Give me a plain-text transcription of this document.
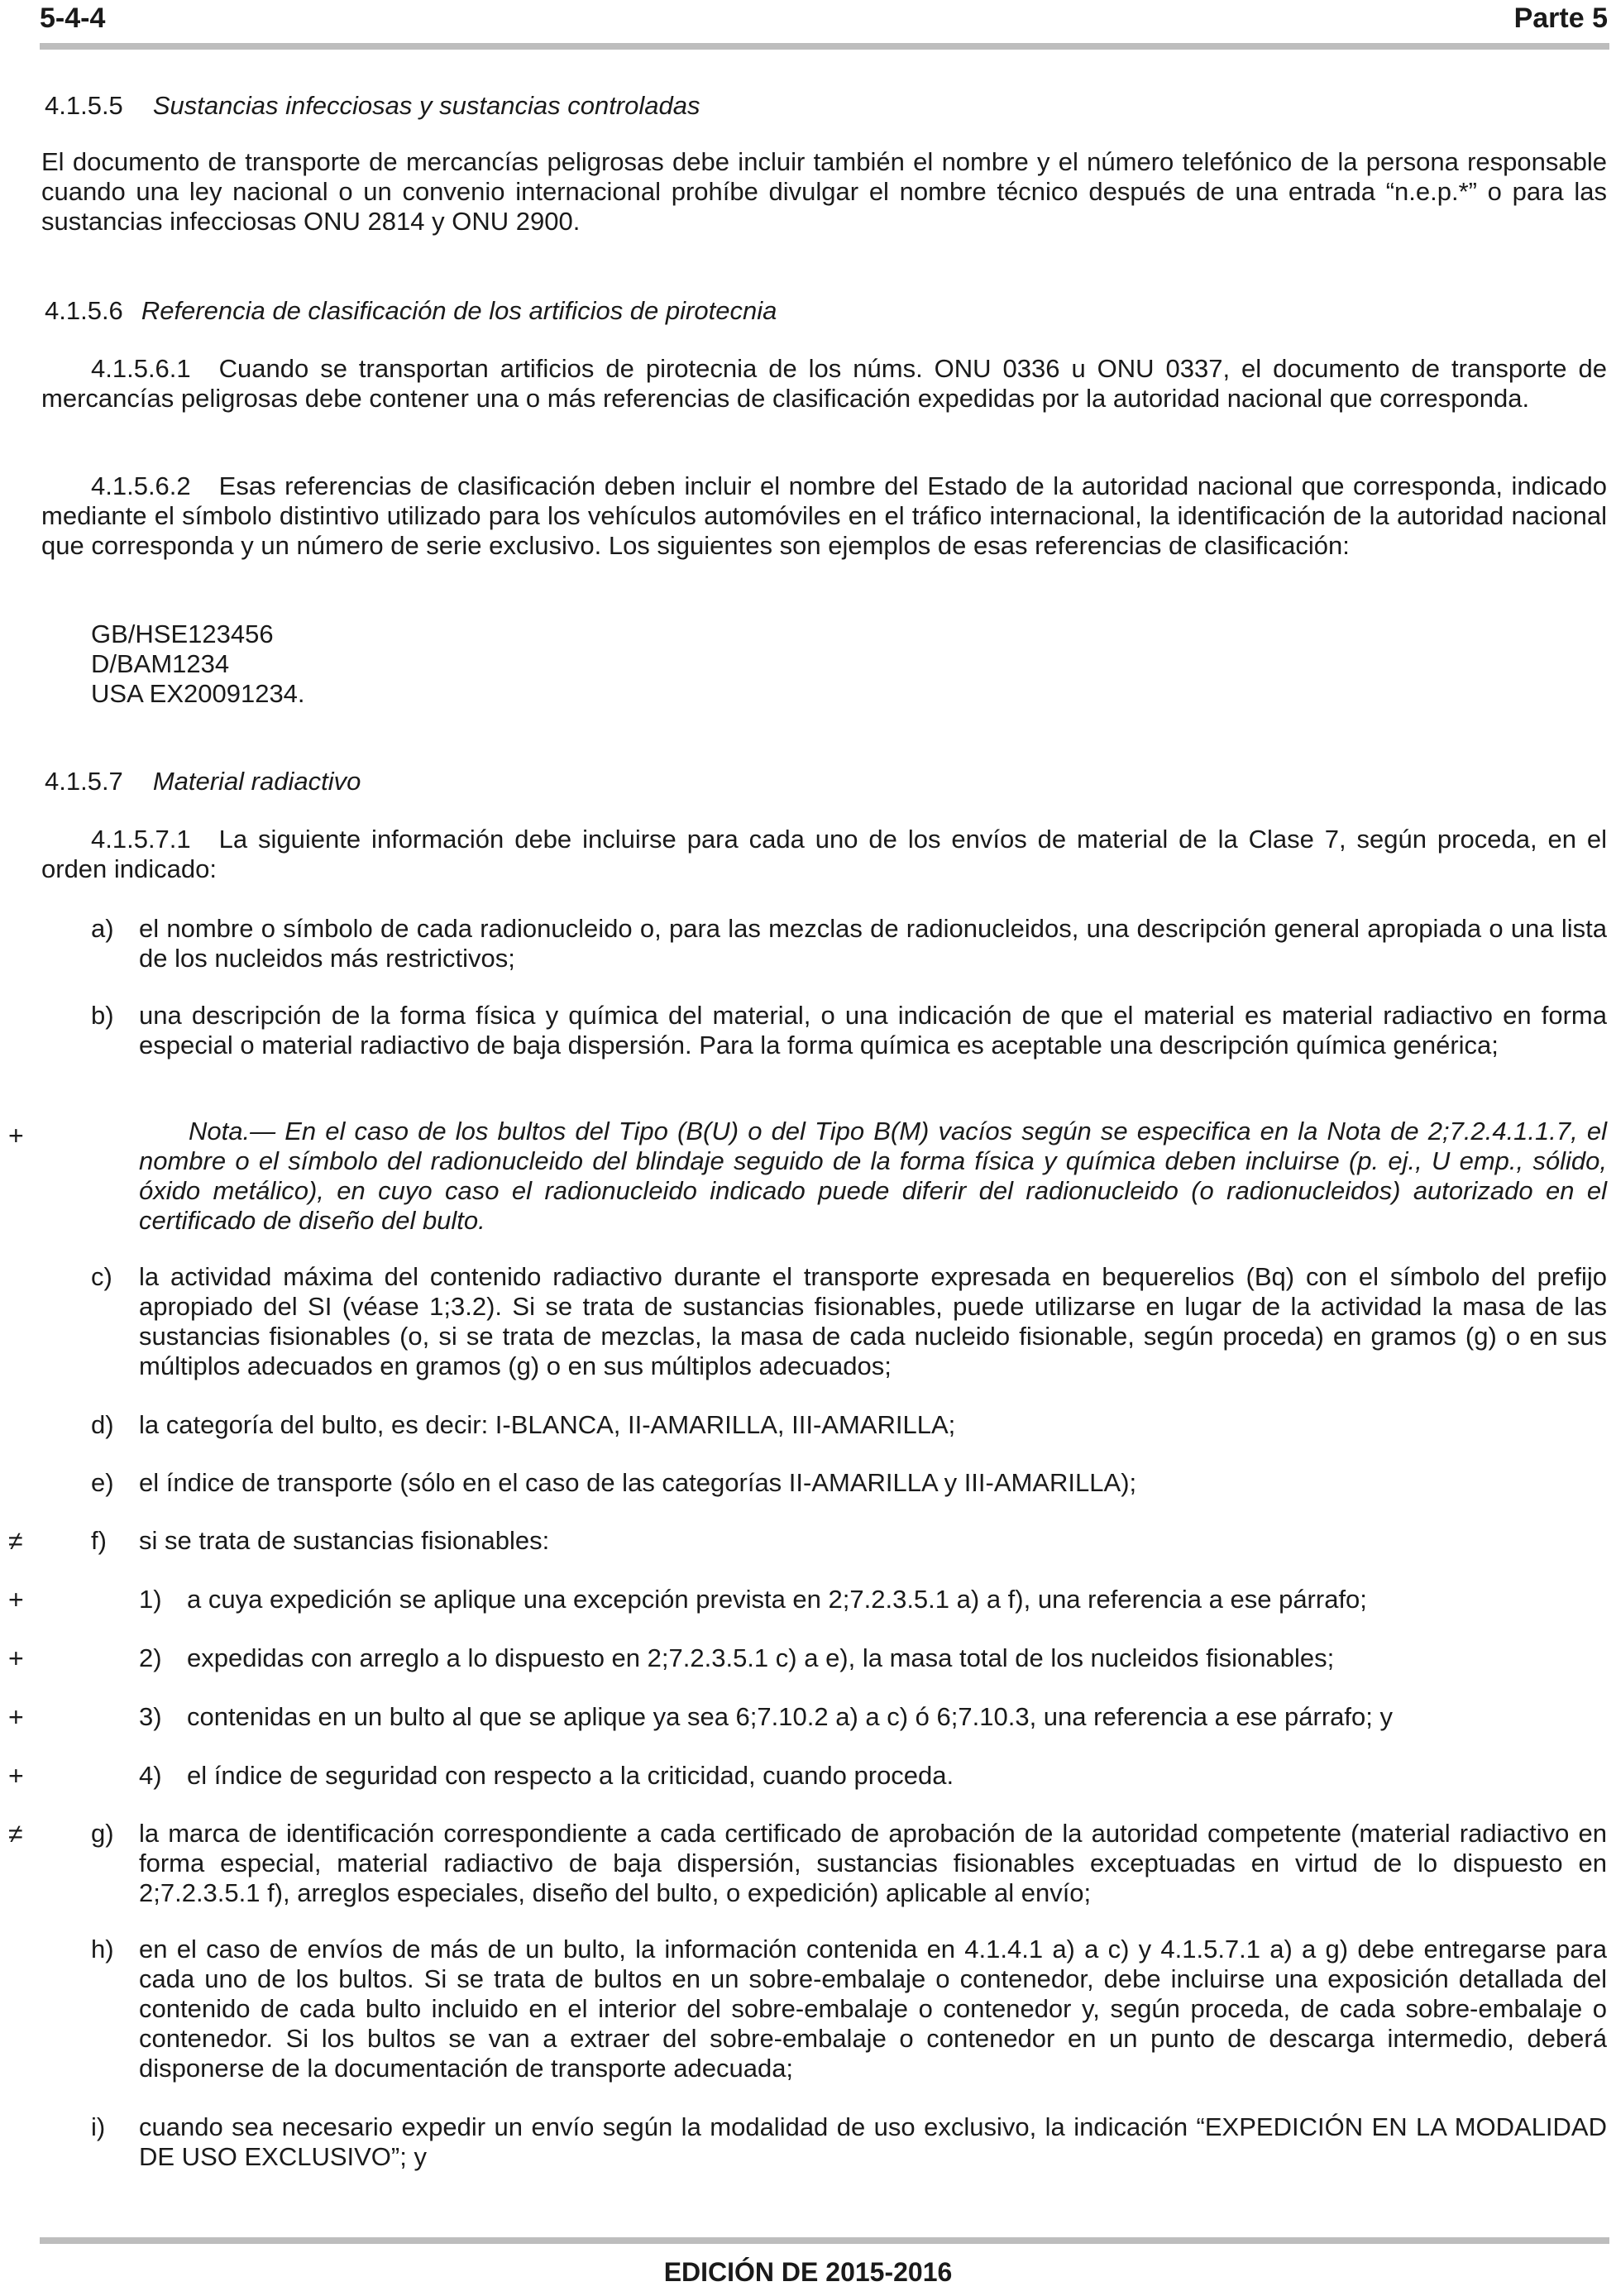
5-4-4	Parte 5
4.1.5.5 Sustancias infecciosas y sustancias controladas

El documento de transporte de mercancías peligrosas debe incluir también el nombre y el número telefónico de la persona responsable cuando una ley nacional o un convenio internacional prohíbe divulgar el nombre técnico después de una entrada “n.e.p.*” o para las sustancias infecciosas ONU 2814 y ONU 2900.

4.1.5.6 Referencia de clasificación de los artificios de pirotecnia

4.1.5.6.1 Cuando se transportan artificios de pirotecnia de los núms. ONU 0336 u ONU 0337, el documento de transporte de mercancías peligrosas debe contener una o más referencias de clasificación expedidas por la autoridad nacional que corresponda.

4.1.5.6.2 Esas referencias de clasificación deben incluir el nombre del Estado de la autoridad nacional que corresponda, indicado mediante el símbolo distintivo utilizado para los vehículos automóviles en el tráfico internacional, la identificación de la autoridad nacional que corresponda y un número de serie exclusivo. Los siguientes son ejemplos de esas referencias de clasificación:

GB/HSE123456

D/BAM1234

USA EX20091234.

4.1.5.7 Material radiactivo

4.1.5.7.1 La siguiente información debe incluirse para cada uno de los envíos de material de la Clase 7, según proceda, en el orden indicado:

a) el nombre o símbolo de cada radionucleido o, para las mezclas de radionucleidos, una descripción general apropiada o una lista de los nucleidos más restrictivos;

b) una descripción de la forma física y química del material, o una indicación de que el material es material radiactivo en forma especial o material radiactivo de baja dispersión. Para la forma química es aceptable una descripción química genérica;

+	Nota.— En el caso de los bultos del Tipo (B(U) o del Tipo B(M) vacíos según se especifica en la Nota de 2;7.2.4.1.1.7, el nombre o el símbolo del radionucleido del blindaje seguido de la forma física y química deben incluirse (p. ej., U emp., sólido, óxido metálico), en cuyo caso el radionucleido indicado puede diferir del radionucleido (o radionucleidos) autorizado en el certificado de diseño del bulto.

c) la actividad máxima del contenido radiactivo durante el transporte expresada en bequerelios (Bq) con el símbolo del prefijo apropiado del SI (véase 1;3.2). Si se trata de sustancias fisionables, puede utilizarse en lugar de la actividad la masa de las sustancias fisionables (o, si se trata de mezclas, la masa de cada nucleido fisionable, según proceda) en gramos (g) o en sus múltiplos adecuados en gramos (g) o en sus múltiplos adecuados;

d) la categoría del bulto, es decir: I-BLANCA, II-AMARILLA, III-AMARILLA;

e) el índice de transporte (sólo en el caso de las categorías II-AMARILLA y III-AMARILLA);

≠	f) si se trata de sustancias fisionables:

+	1) a cuya expedición se aplique una excepción prevista en 2;7.2.3.5.1 a) a f), una referencia a ese párrafo;

+	2) expedidas con arreglo a lo dispuesto en 2;7.2.3.5.1 c) a e), la masa total de los nucleidos fisionables;

+	3) contenidas en un bulto al que se aplique ya sea 6;7.10.2 a) a c) ó 6;7.10.3, una referencia a ese párrafo; y

+	4) el índice de seguridad con respecto a la criticidad, cuando proceda.

≠	g) la marca de identificación correspondiente a cada certificado de aprobación de la autoridad competente (material radiactivo en forma especial, material radiactivo de baja dispersión, sustancias fisionables exceptuadas en virtud de lo dispuesto en 2;7.2.3.5.1 f), arreglos especiales, diseño del bulto, o expedición) aplicable al envío;

h) en el caso de envíos de más de un bulto, la información contenida en 4.1.4.1 a) a c) y 4.1.5.7.1 a) a g) debe entregarse para cada uno de los bultos. Si se trata de bultos en un sobre-embalaje o contenedor, debe incluirse una exposición detallada del contenido de cada bulto incluido en el interior del sobre-embalaje o contenedor y, según proceda, de cada sobre-embalaje o contenedor. Si los bultos se van a extraer del sobre-embalaje o contenedor en un punto de descarga intermedio, deberá disponerse de la documentación de transporte adecuada;

i) cuando sea necesario expedir un envío según la modalidad de uso exclusivo, la indicación “EXPEDICIÓN EN LA MODALIDAD DE USO EXCLUSIVO”; y

EDICIÓN DE 2015-2016
